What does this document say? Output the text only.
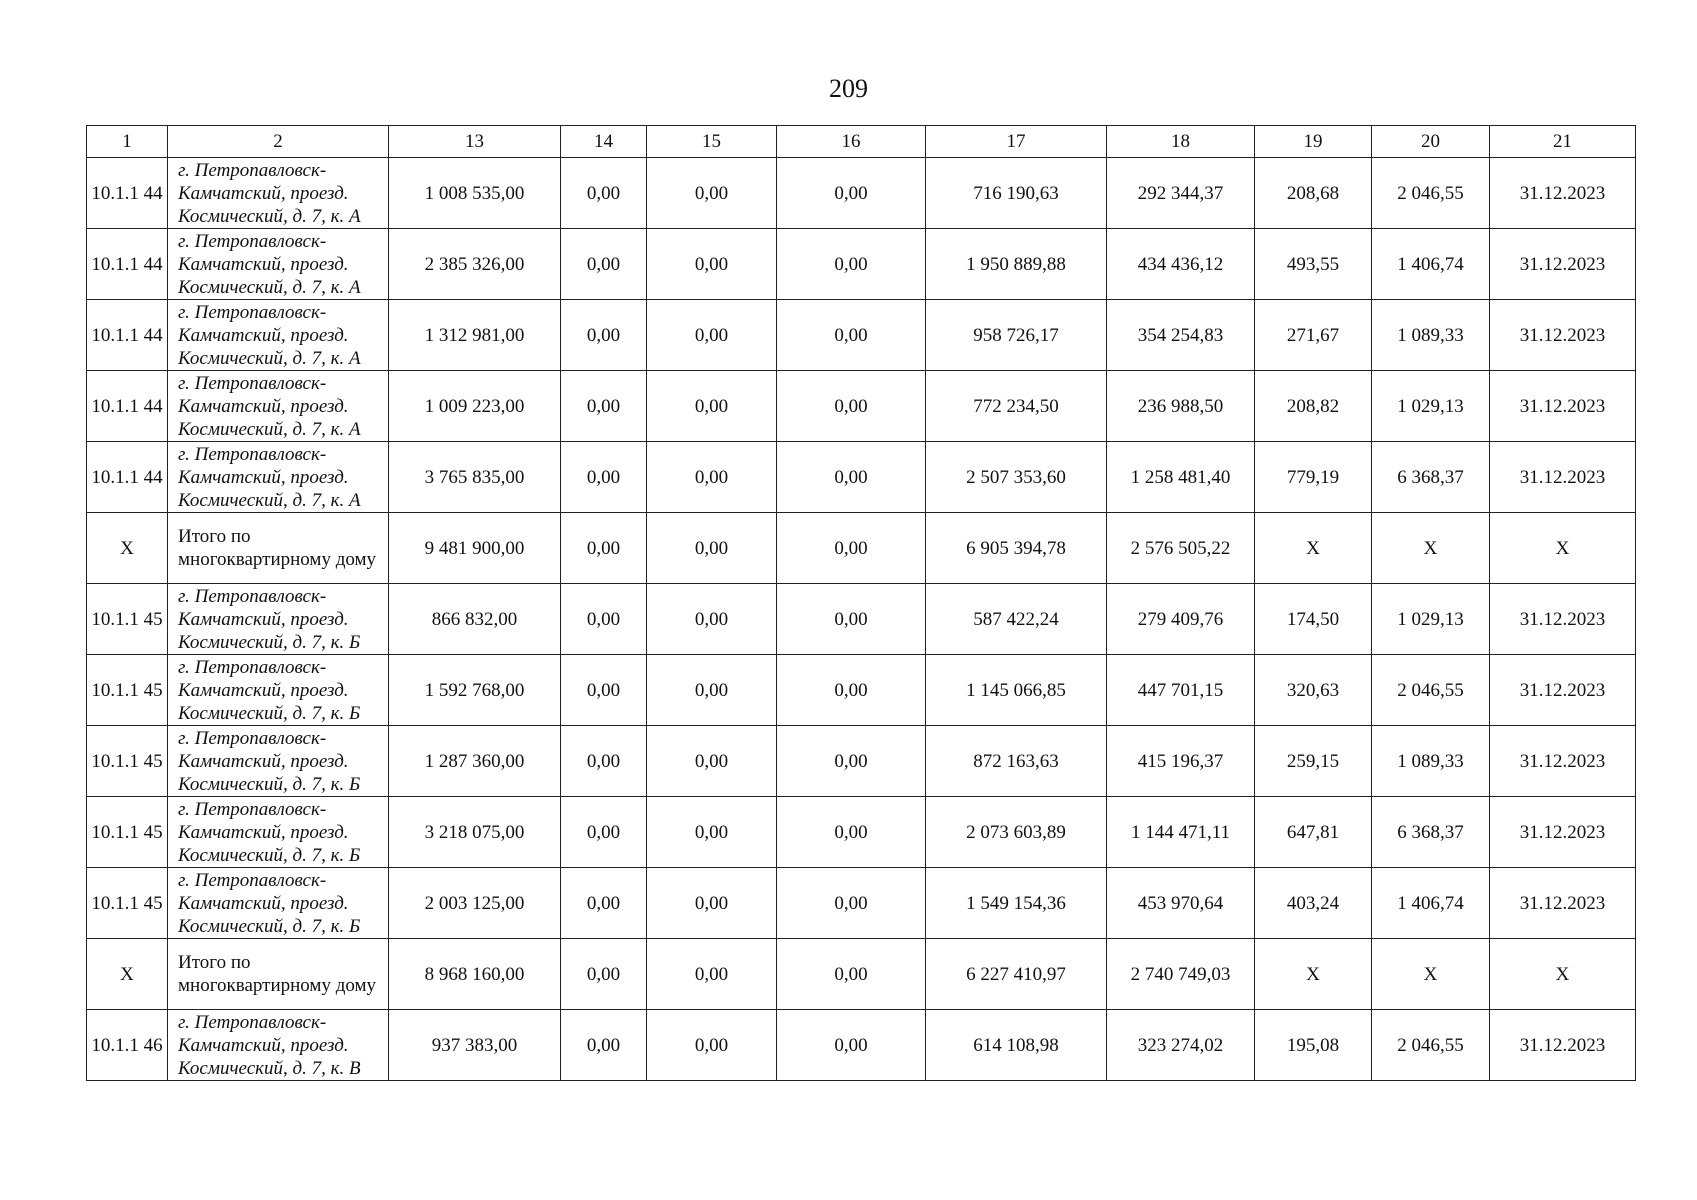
209
1	2	13	14	15	16	17	18	19	20	21
10.1.1 44	г. Петропавловск-Камчатский, проезд. Космический, д. 7, к. А	1 008 535,00	0,00	0,00	0,00	716 190,63	292 344,37	208,68	2 046,55	31.12.2023
10.1.1 44	г. Петропавловск-Камчатский, проезд. Космический, д. 7, к. А	2 385 326,00	0,00	0,00	0,00	1 950 889,88	434 436,12	493,55	1 406,74	31.12.2023
10.1.1 44	г. Петропавловск-Камчатский, проезд. Космический, д. 7, к. А	1 312 981,00	0,00	0,00	0,00	958 726,17	354 254,83	271,67	1 089,33	31.12.2023
10.1.1 44	г. Петропавловск-Камчатский, проезд. Космический, д. 7, к. А	1 009 223,00	0,00	0,00	0,00	772 234,50	236 988,50	208,82	1 029,13	31.12.2023
10.1.1 44	г. Петропавловск-Камчатский, проезд. Космический, д. 7, к. А	3 765 835,00	0,00	0,00	0,00	2 507 353,60	1 258 481,40	779,19	6 368,37	31.12.2023
X	Итого по многоквартирному дому	9 481 900,00	0,00	0,00	0,00	6 905 394,78	2 576 505,22	X	X	X
10.1.1 45	г. Петропавловск-Камчатский, проезд. Космический, д. 7, к. Б	866 832,00	0,00	0,00	0,00	587 422,24	279 409,76	174,50	1 029,13	31.12.2023
10.1.1 45	г. Петропавловск-Камчатский, проезд. Космический, д. 7, к. Б	1 592 768,00	0,00	0,00	0,00	1 145 066,85	447 701,15	320,63	2 046,55	31.12.2023
10.1.1 45	г. Петропавловск-Камчатский, проезд. Космический, д. 7, к. Б	1 287 360,00	0,00	0,00	0,00	872 163,63	415 196,37	259,15	1 089,33	31.12.2023
10.1.1 45	г. Петропавловск-Камчатский, проезд. Космический, д. 7, к. Б	3 218 075,00	0,00	0,00	0,00	2 073 603,89	1 144 471,11	647,81	6 368,37	31.12.2023
10.1.1 45	г. Петропавловск-Камчатский, проезд. Космический, д. 7, к. Б	2 003 125,00	0,00	0,00	0,00	1 549 154,36	453 970,64	403,24	1 406,74	31.12.2023
X	Итого по многоквартирному дому	8 968 160,00	0,00	0,00	0,00	6 227 410,97	2 740 749,03	X	X	X
10.1.1 46	г. Петропавловск-Камчатский, проезд. Космический, д. 7, к. В	937 383,00	0,00	0,00	0,00	614 108,98	323 274,02	195,08	2 046,55	31.12.2023
